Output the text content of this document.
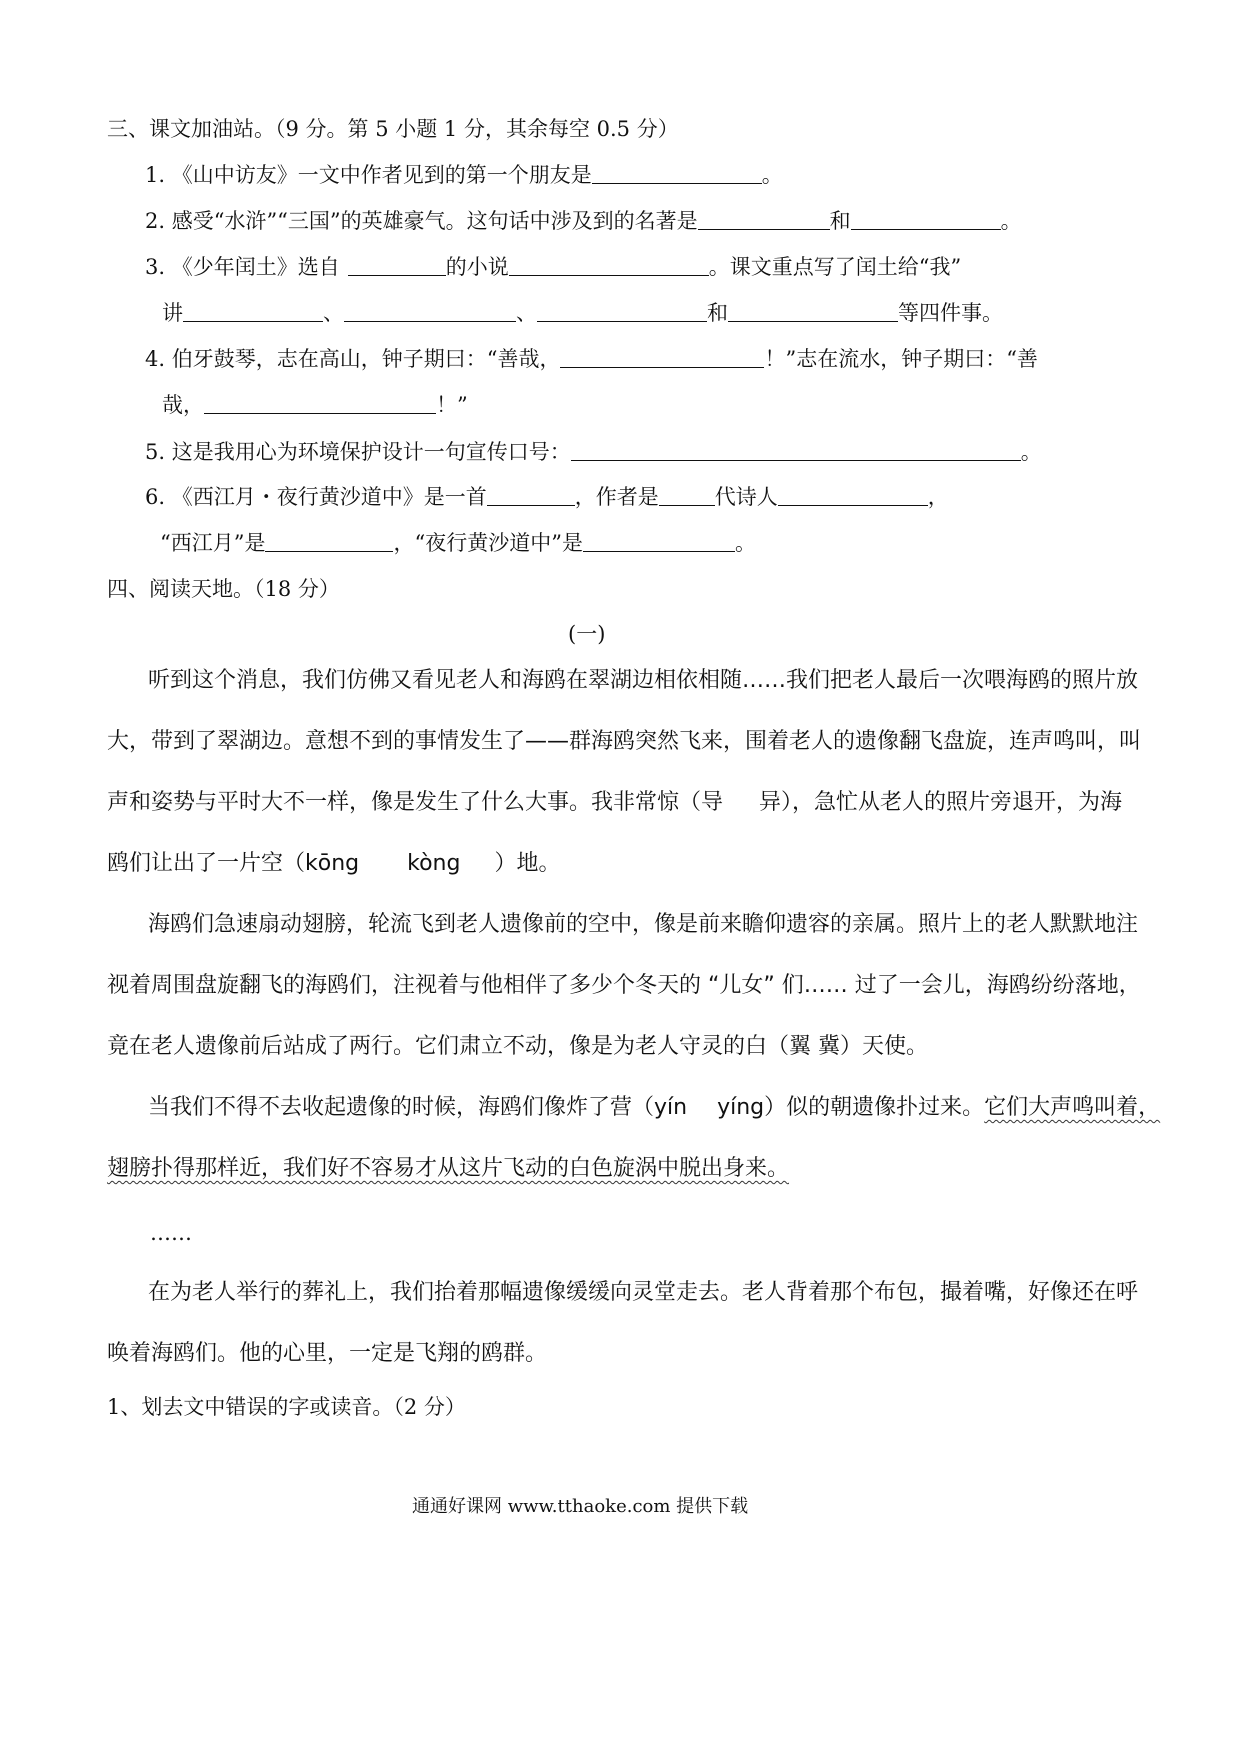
三、课文加油站。（9 分。第 5 小题 1 分，其余每空 0.5 分）
1. 《山中访友》一文中作者见到的第一个朋友是	。
2. 感受“水浒”“三国”的英雄豪气。这句话中涉及到的名著是	和	。
3. 《少年闰土》选自	的小说	。课文重点写了闰土给“我”
讲	、	、	和	等四件事。
4. 伯牙鼓琴，志在高山，钟子期曰：“善哉，	！”志在流水，钟子期曰：“善
哉，	！”
5. 这是我用心为环境保护设计一句宣传口号：	。
6. 《西江月・夜行黄沙道中》是一首	，作者是	代诗人	，
“西江月”是	，“夜行黄沙道中”是	。
四、阅读天地。（18 分）
(一)
听到这个消息，我们仿佛又看见老人和海鸥在翠湖边相依相随……我们把老人最后一次喂海鸥的照片放
大，带到了翠湖边。意想不到的事情发生了——群海鸥突然飞来，围着老人的遗像翻飞盘旋，连声鸣叫，叫
声和姿势与平时大不一样，像是发生了什么大事。我非常惊（导 异），急忙从老人的照片旁退开，为海
鸥们让出了一片空（kōng kòng ）地。
海鸥们急速扇动翅膀，轮流飞到老人遗像前的空中，像是前来瞻仰遗容的亲属。照片上的老人默默地注
视着周围盘旋翻飞的海鸥们，注视着与他相伴了多少个冬天的 “儿女” 们…… 过了一会儿，海鸥纷纷落地，
竟在老人遗像前后站成了两行。它们肃立不动，像是为老人守灵的白（翼 冀）天使。
当我们不得不去收起遗像的时候，海鸥们像炸了营（yín yíng）似的朝遗像扑过来。它们大声鸣叫着，
翅膀扑得那样近，我们好不容易才从这片飞动的白色旋涡中脱出身来。
……
在为老人举行的葬礼上，我们抬着那幅遗像缓缓向灵堂走去。老人背着那个布包，撮着嘴，好像还在呼
唤着海鸥们。他的心里，一定是飞翔的鸥群。
1、划去文中错误的字或读音。（2 分）
通通好课网 www.tthaoke.com 提供下载
